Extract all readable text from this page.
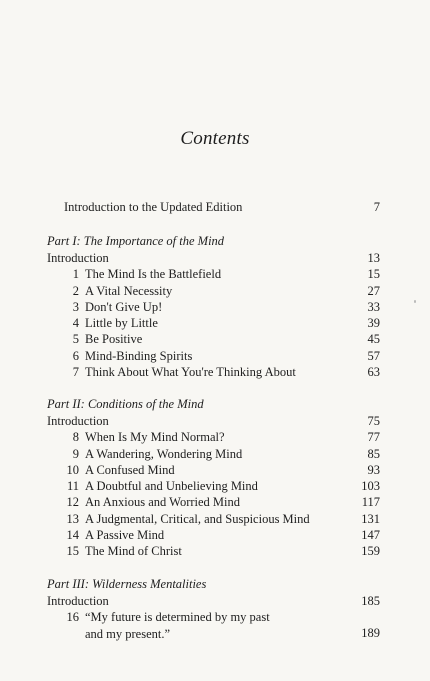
Contents
Introduction to the Updated Edition	7
Part I: The Importance of the Mind
Introduction	13
1 The Mind Is the Battlefield	15
2 A Vital Necessity	27
3 Don't Give Up!	33
4 Little by Little	39
5 Be Positive	45
6 Mind-Binding Spirits	57
7 Think About What You're Thinking About	63
Part II: Conditions of the Mind
Introduction	75
8 When Is My Mind Normal?	77
9 A Wandering, Wondering Mind	85
10 A Confused Mind	93
11 A Doubtful and Unbelieving Mind	103
12 An Anxious and Worried Mind	117
13 A Judgmental, Critical, and Suspicious Mind	131
14 A Passive Mind	147
15 The Mind of Christ	159
Part III: Wilderness Mentalities
Introduction	185
16 “My future is determined by my past
and my present.”	189
